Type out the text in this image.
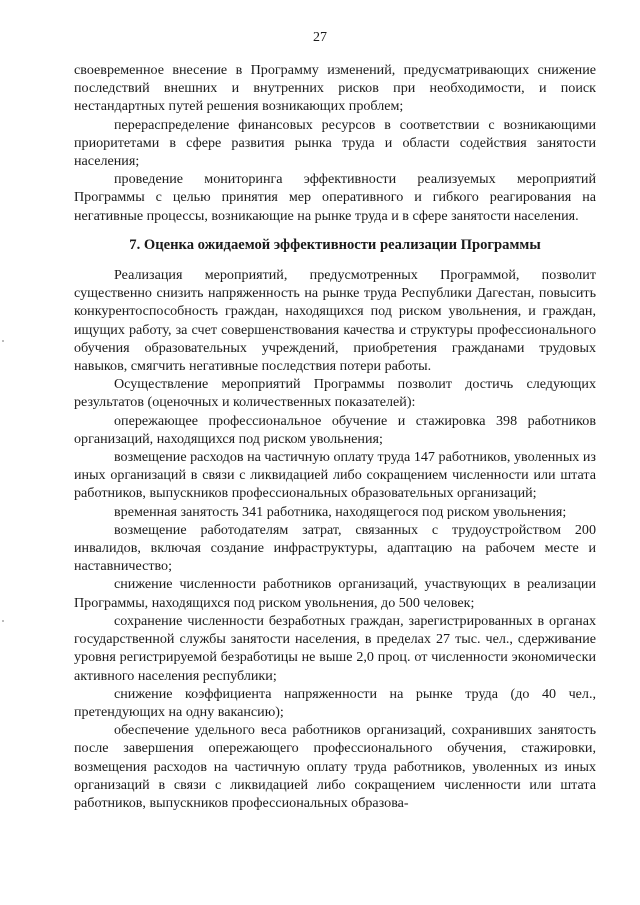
27

своевременное внесение в Программу изменений, предусматривающих снижение последствий внешних и внутренних рисков при необходимости, и поиск нестандартных путей решения возникающих проблем;

перераспределение финансовых ресурсов в соответствии с возникающими приоритетами в сфере развития рынка труда и области содействия занятости населения;

проведение мониторинга эффективности реализуемых мероприятий Программы с целью принятия мер оперативного и гибкого реагирования на негативные процессы, возникающие на рынке труда и в сфере занятости населения.

7. Оценка ожидаемой эффективности реализации Программы

Реализация мероприятий, предусмотренных Программой, позволит существенно снизить напряженность на рынке труда Республики Дагестан, повысить конкурентоспособность граждан, находящихся под риском увольнения, и граждан, ищущих работу, за счет совершенствования качества и структуры профессионального обучения образовательных учреждений, приобретения гражданами трудовых навыков, смягчить негативные последствия потери работы.

Осуществление мероприятий Программы позволит достичь следующих результатов (оценочных и количественных показателей):

опережающее профессиональное обучение и стажировка 398 работников организаций, находящихся под риском увольнения;

возмещение расходов на частичную оплату труда 147 работников, уволенных из иных организаций в связи с ликвидацией либо сокращением численности или штата работников, выпускников профессиональных образовательных организаций;

временная занятость 341 работника, находящегося под риском увольнения;

возмещение работодателям затрат, связанных с трудоустройством 200 инвалидов, включая создание инфраструктуры, адаптацию на рабочем месте и наставничество;

снижение численности работников организаций, участвующих в реализации Программы, находящихся под риском увольнения, до 500 человек;

сохранение численности безработных граждан, зарегистрированных в органах государственной службы занятости населения, в пределах 27 тыс. чел., сдерживание уровня регистрируемой безработицы не выше 2,0 проц. от численности экономически активного населения республики;

снижение коэффициента напряженности на рынке труда (до 40 чел., претендующих на одну вакансию);

обеспечение удельного веса работников организаций, сохранивших занятость после завершения опережающего профессионального обучения, стажировки, возмещения расходов на частичную оплату труда работников, уволенных из иных организаций в связи с ликвидацией либо сокращением численности или штата работников, выпускников профессиональных образова-
